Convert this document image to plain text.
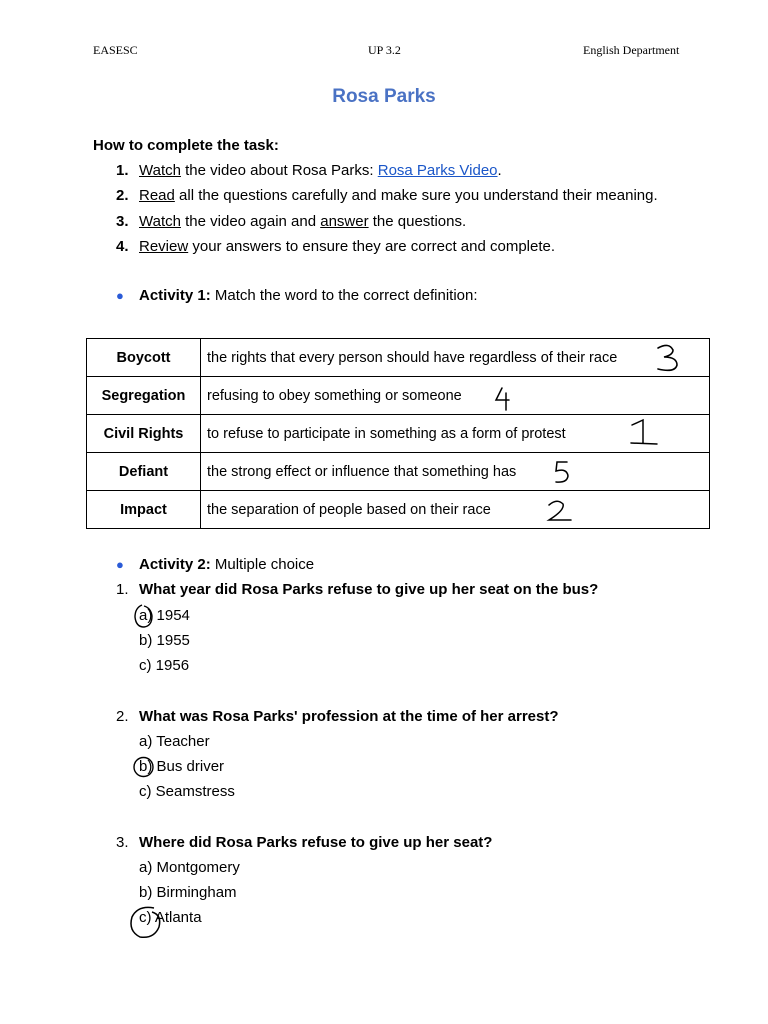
EASESC	UP 3.2	English Department
Rosa Parks
How to complete the task:
1. Watch the video about Rosa Parks: Rosa Parks Video.
2. Read all the questions carefully and make sure you understand their meaning.
3. Watch the video again and answer the questions.
4. Review your answers to ensure they are correct and complete.
● Activity 1: Match the word to the correct definition:
Boycott	the rights that every person should have regardless of their race

Segregation	refusing to obey something or someone

Civil Rights	to refuse to participate in something as a form of protest

Defiant	the strong effect or influence that something has

Impact	the separation of people based on their race
● Activity 2: Multiple choice
1. What year did Rosa Parks refuse to give up her seat on the bus?
a) 1954
b) 1955
c) 1956
2. What was Rosa Parks' profession at the time of her arrest?
a) Teacher
b) Bus driver
c) Seamstress
3. Where did Rosa Parks refuse to give up her seat?
a) Montgomery
b) Birmingham
c) Atlanta
